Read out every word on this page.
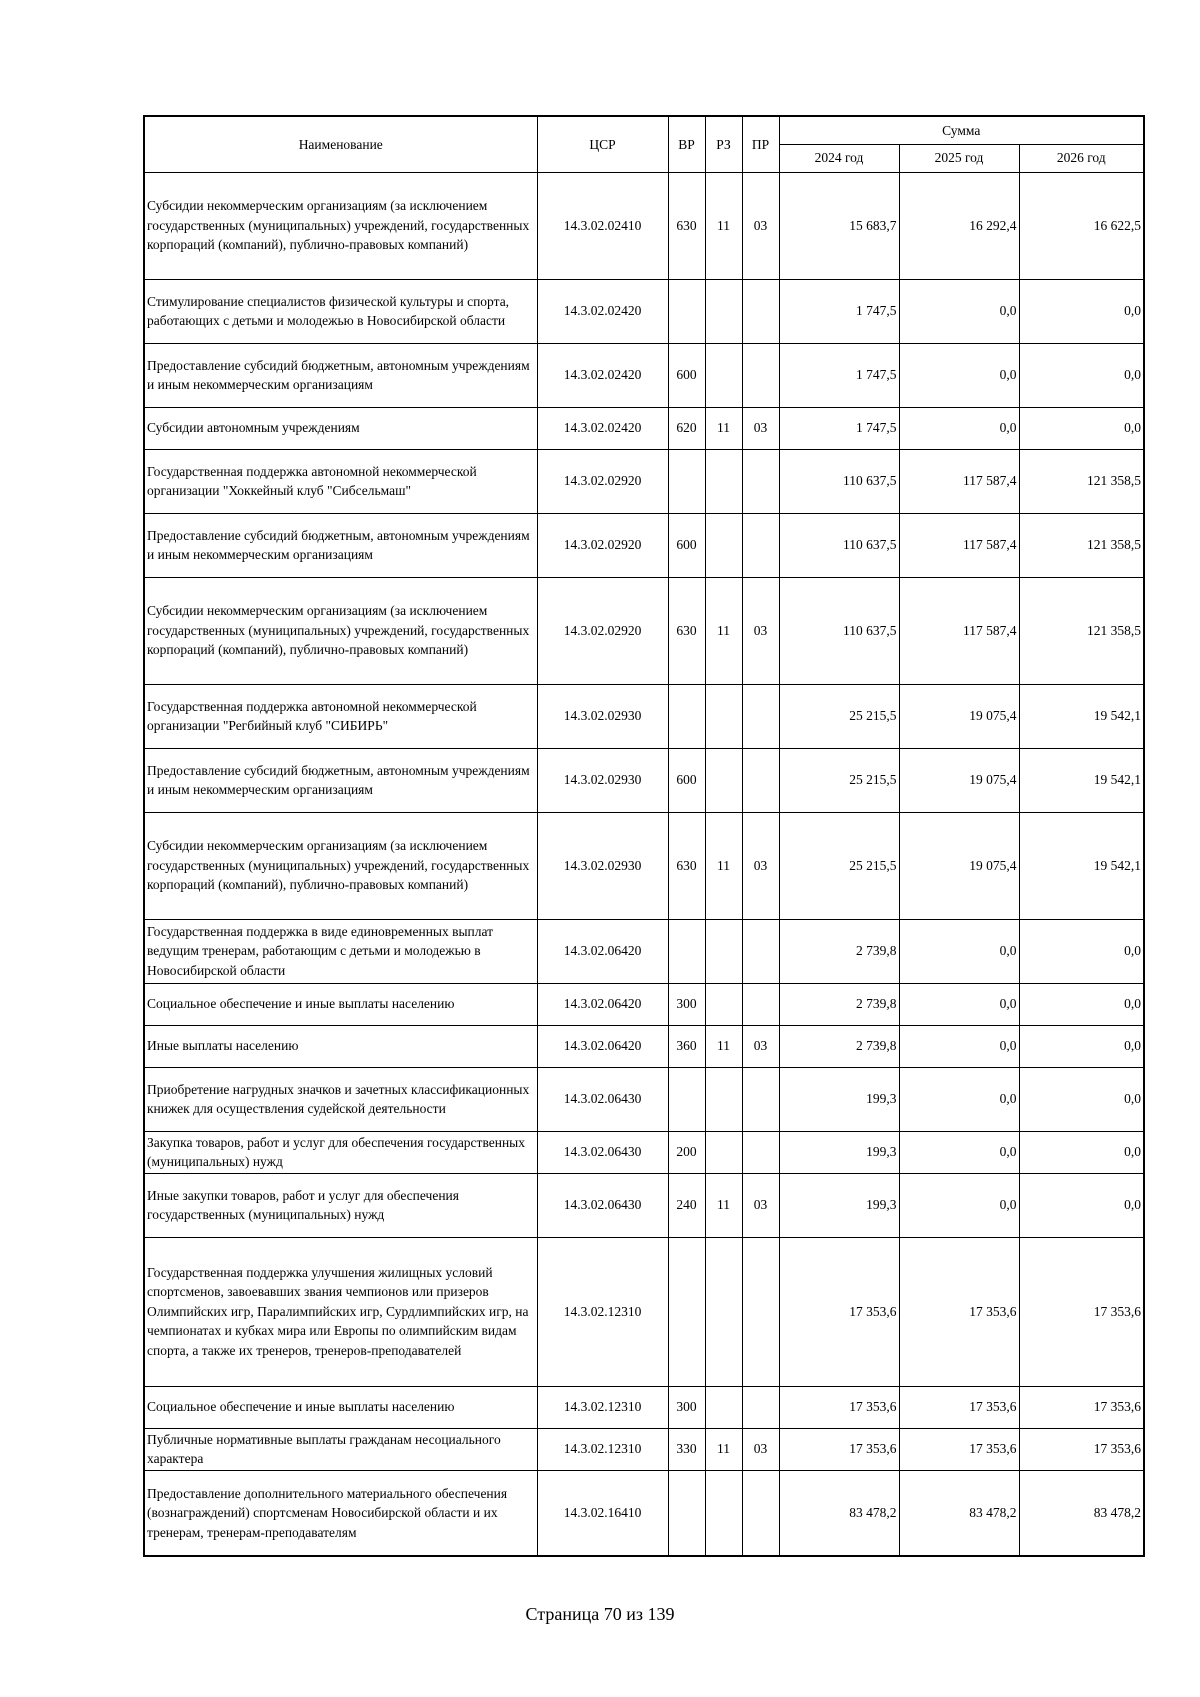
Наименование	ЦСР	ВР	РЗ	ПР	Сумма		
					2024 год	2025 год	2026 год
Субсидии некоммерческим организациям (за исключением государственных (муниципальных) учреждений, государственных корпораций (компаний), публично-правовых компаний)	14.3.02.02410	630	11	03	15 683,7	16 292,4	16 622,5
Стимулирование специалистов физической культуры и спорта, работающих с детьми и молодежью в Новосибирской области	14.3.02.02420				1 747,5	0,0	0,0
Предоставление субсидий бюджетным, автономным учреждениям и иным некоммерческим организациям	14.3.02.02420	600			1 747,5	0,0	0,0
Субсидии автономным учреждениям	14.3.02.02420	620	11	03	1 747,5	0,0	0,0
Государственная поддержка автономной некоммерческой организации "Хоккейный клуб "Сибсельмаш"	14.3.02.02920				110 637,5	117 587,4	121 358,5
Предоставление субсидий бюджетным, автономным учреждениям и иным некоммерческим организациям	14.3.02.02920	600			110 637,5	117 587,4	121 358,5
Субсидии некоммерческим организациям (за исключением государственных (муниципальных) учреждений, государственных корпораций (компаний), публично-правовых компаний)	14.3.02.02920	630	11	03	110 637,5	117 587,4	121 358,5
Государственная поддержка автономной некоммерческой организации "Регбийный клуб "СИБИРЬ"	14.3.02.02930				25 215,5	19 075,4	19 542,1
Предоставление субсидий бюджетным, автономным учреждениям и иным некоммерческим организациям	14.3.02.02930	600			25 215,5	19 075,4	19 542,1
Субсидии некоммерческим организациям (за исключением государственных (муниципальных) учреждений, государственных корпораций (компаний), публично-правовых компаний)	14.3.02.02930	630	11	03	25 215,5	19 075,4	19 542,1
Государственная поддержка в виде единовременных выплат ведущим тренерам, работающим с детьми и молодежью в Новосибирской области	14.3.02.06420				2 739,8	0,0	0,0
Социальное обеспечение и иные выплаты населению	14.3.02.06420	300			2 739,8	0,0	0,0
Иные выплаты населению	14.3.02.06420	360	11	03	2 739,8	0,0	0,0
Приобретение нагрудных значков и зачетных классификационных книжек для осуществления судейской деятельности	14.3.02.06430				199,3	0,0	0,0
Закупка товаров, работ и услуг для обеспечения государственных (муниципальных) нужд	14.3.02.06430	200			199,3	0,0	0,0
Иные закупки товаров, работ и услуг для обеспечения государственных (муниципальных) нужд	14.3.02.06430	240	11	03	199,3	0,0	0,0
Государственная поддержка улучшения жилищных условий спортсменов, завоевавших звания чемпионов или призеров Олимпийских игр, Паралимпийских игр, Сурдлимпийских игр, на чемпионатах и кубках мира или Европы по олимпийским видам спорта, а также их тренеров, тренеров-преподавателей	14.3.02.12310				17 353,6	17 353,6	17 353,6
Социальное обеспечение и иные выплаты населению	14.3.02.12310	300			17 353,6	17 353,6	17 353,6
Публичные нормативные выплаты гражданам несоциального характера	14.3.02.12310	330	11	03	17 353,6	17 353,6	17 353,6
Предоставление дополнительного материального обеспечения (вознаграждений) спортсменам Новосибирской области и их тренерам, тренерам-преподавателям	14.3.02.16410				83 478,2	83 478,2	83 478,2
Страница 70 из 139
